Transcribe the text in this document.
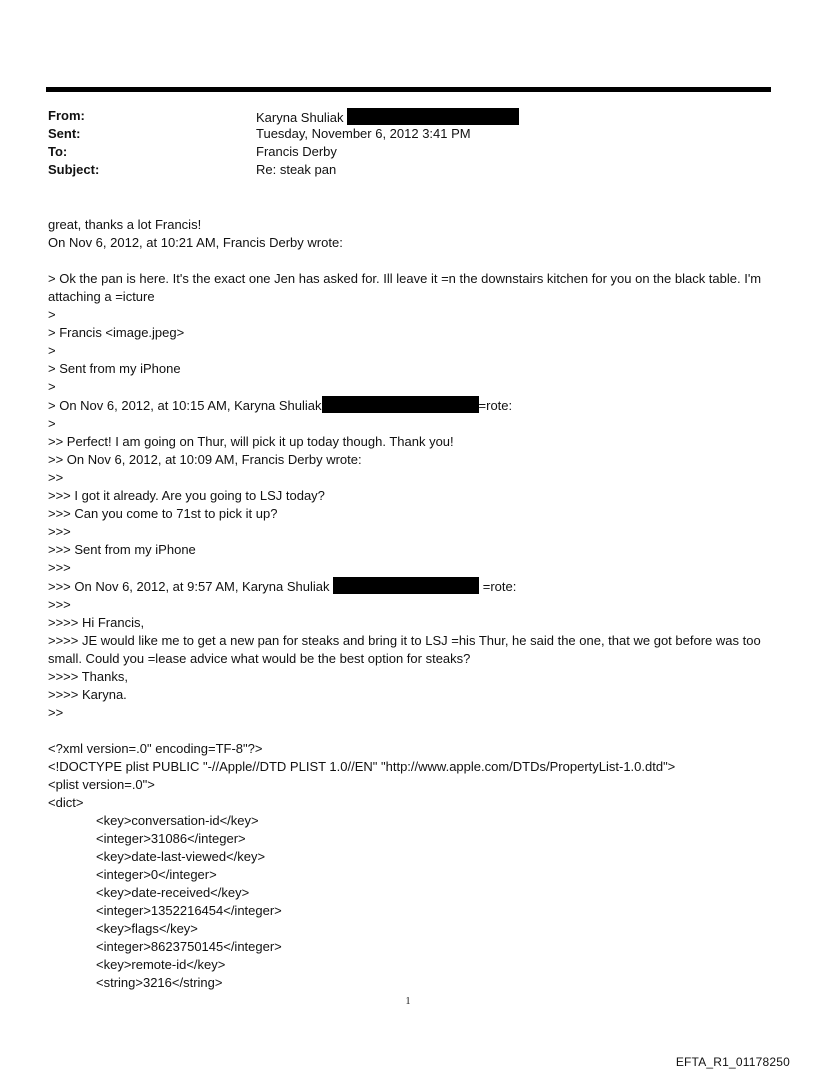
From:	Karyna Shuliak
Sent:	Tuesday, November 6, 2012 3:41 PM
To:	Francis Derby
Subject:	Re: steak pan
great, thanks a lot Francis!
On Nov 6, 2012, at 10:21 AM, Francis Derby wrote:
> Ok the pan is here. It's the exact one Jen has asked for. Ill leave it =n the downstairs kitchen for you on the black table. I'm attaching a =icture
>
> Francis <image.jpeg>
>
> Sent from my iPhone
>
> On Nov 6, 2012, at 10:15 AM, Karyna Shuliak	=rote:
>
>> Perfect! I am going on Thur, will pick it up today though. Thank you!
>> On Nov 6, 2012, at 10:09 AM, Francis Derby wrote:
>>
>>> I got it already. Are you going to LSJ today?
>>> Can you come to 71st to pick it up?
>>>
>>> Sent from my iPhone
>>>
>>> On Nov 6, 2012, at 9:57 AM, Karyna Shuliak	=rote:
>>>
>>>> Hi Francis,
>>>> JE would like me to get a new pan for steaks and bring it to LSJ =his Thur, he said the one, that we got before was too small. Could you =lease advice what would be the best option for steaks?
>>>> Thanks,
>>>> Karyna.
>>
<?xml version=.0" encoding=TF-8"?>
<!DOCTYPE plist PUBLIC "-//Apple//DTD PLIST 1.0//EN" "http://www.apple.com/DTDs/PropertyList-1.0.dtd">
<plist version=.0">
<dict>
<key>conversation-id</key>
<integer>31086</integer>
<key>date-last-viewed</key>
<integer>0</integer>
<key>date-received</key>
<integer>1352216454</integer>
<key>flags</key>
<integer>8623750145</integer>
<key>remote-id</key>
<string>3216</string>
1
EFTA_R1_01178250
